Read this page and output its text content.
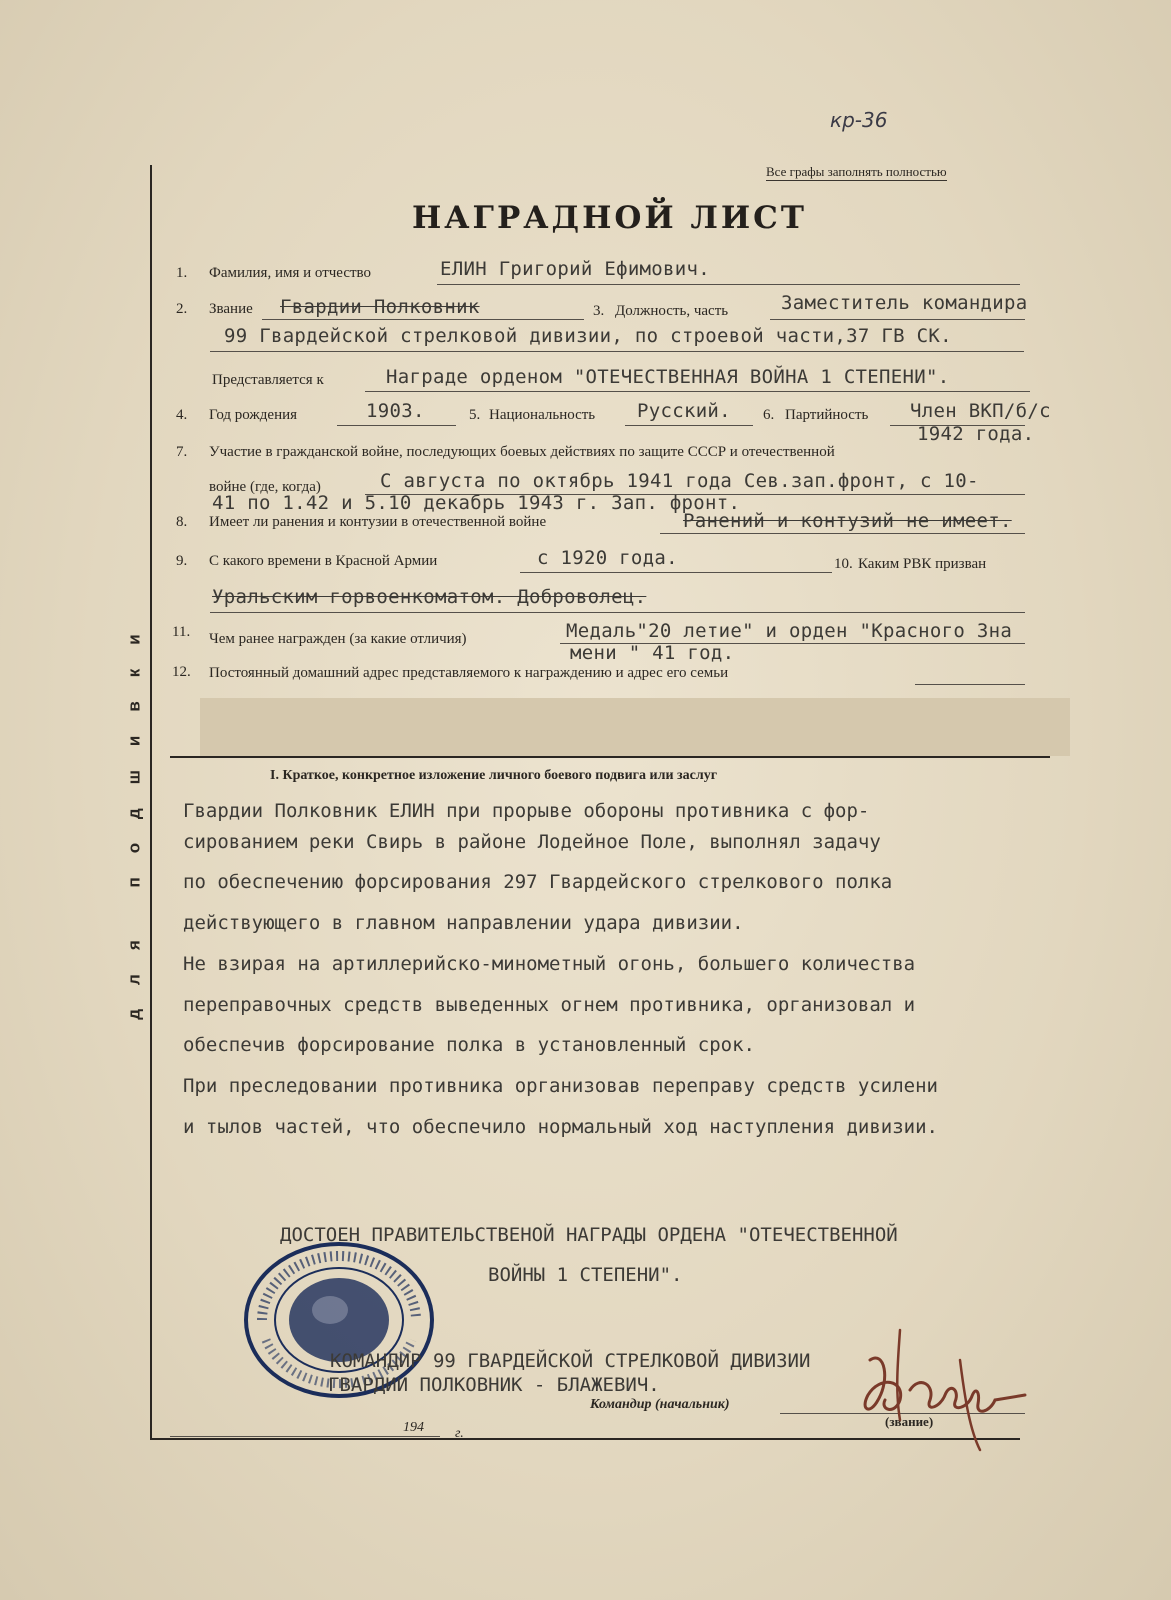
для подшивки
кр-36
Все графы заполнять полностью
НАГРАДНОЙ ЛИСТ
1. Фамилия, имя и отчество	ЕЛИН Григорий Ефимович.
2. Звание Гвардии Полковник	3. Должность, часть	Заместитель командира
99 Гвардейской стрелковой дивизии, по строевой части,37 ГВ СК.
Представляется к	Награде орденом "ОТЕЧЕСТВЕННАЯ ВОЙНА 1 СТЕПЕНИ".
4. Год рождения	1903.	5. Национальность Русский. 6. Партийность Член ВКП/б/с
1942 года.
7. Участие в гражданской войне, последующих боевых действиях по защите СССР и отечественной
войне (где, когда)	С августа по октябрь 1941 года Сев.зап.фронт, с 10-
41 по 1.42 и 5.10 декабрь 1943 г. Зап. фронт.
8. Имеет ли ранения и контузии в отечественной войне	Ранений и контузий не имеет.
9. С какого времени в Красной Армии	с 1920 года.	10. Каким РВК призван
Уральским горвоенкоматом. Доброволец.
11. Чем ранее награжден (за какие отличия)	Медаль"20 летие" и орден "Красного Зна
мени " 41 год.
12. Постоянный домашний адрес представляемого к награждению и адрес его семьи
I. Краткое, конкретное изложение личного боевого подвига или заслуг
Гвардии Полковник ЕЛИН при прорыве обороны противника с фор-
сированием реки Свирь в районе Лодейное Поле, выполнял задачу
по обеспечению форсирования 297 Гвардейского стрелкового полка
действующего в главном направлении удара дивизии.
Не взирая на артиллерийско-минометный огонь, большего количества
переправочных средств выведенных огнем противника, организовал и
обеспечив форсирование полка в установленный срок.
При преследовании противника организовав переправу средств усилени
и тылов частей, что обеспечило нормальный ход наступления дивизии.
ДОСТОЕН ПРАВИТЕЛЬСТВЕНОЙ НАГРАДЫ ОРДЕНА "ОТЕЧЕСТВЕННОЙ
ВОЙНЫ 1 СТЕПЕНИ".
КОМАНДИР 99 ГВАРДЕЙСКОЙ СТРЕЛКОВОЙ ДИВИЗИИ
ГВАРДИИ ПОЛКОВНИК - БЛАЖЕВИЧ.
Командир (начальник)
(звание)
194 г.
